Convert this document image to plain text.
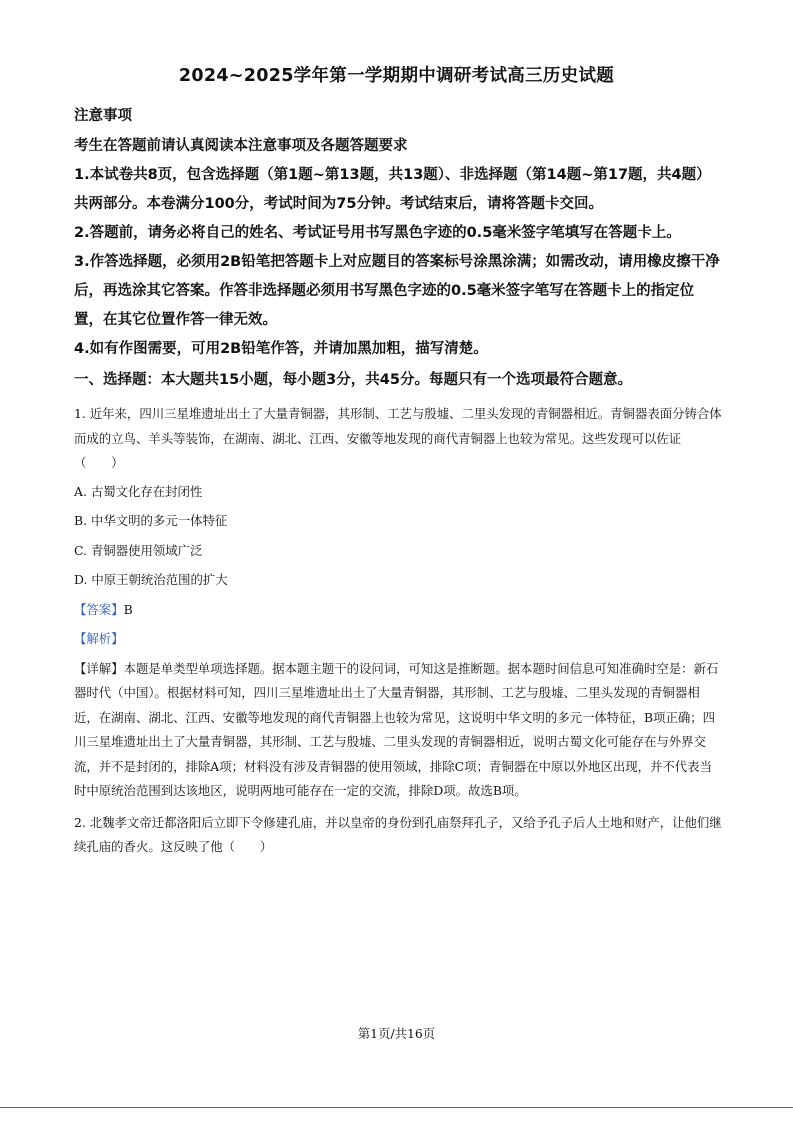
2024~2025学年第一学期期中调研考试高三历史试题

注意事项

考生在答题前请认真阅读本注意事项及各题答题要求

1.本试卷共8页，包含选择题（第1题~第13题，共13题）、非选择题（第14题~第17题，共4题）共两部分。本卷满分100分，考试时间为75分钟。考试结束后，请将答题卡交回。

2.答题前，请务必将自己的姓名、考试证号用书写黑色字迹的0.5毫米签字笔填写在答题卡上。

3.作答选择题，必须用2B铅笔把答题卡上对应题目的答案标号涂黑涂满；如需改动，请用橡皮擦干净后，再选涂其它答案。作答非选择题必须用书写黑色字迹的0.5毫米签字笔写在答题卡上的指定位置，在其它位置作答一律无效。

4.如有作图需要，可用2B铅笔作答，并请加黑加粗，描写清楚。

一、选择题：本大题共15小题，每小题3分，共45分。每题只有一个选项最符合题意。

1. 近年来，四川三星堆遗址出土了大量青铜器，其形制、工艺与殷墟、二里头发现的青铜器相近。青铜器表面分铸合体而成的立鸟、羊头等装饰，在湖南、湖北、江西、安徽等地发现的商代青铜器上也较为常见。这些发现可以佐证（　　）

A. 古蜀文化存在封闭性

B. 中华文明的多元一体特征

C. 青铜器使用领域广泛

D. 中原王朝统治范围的扩大

【答案】B

【解析】

【详解】本题是单类型单项选择题。据本题主题干的设问词，可知这是推断题。据本题时间信息可知准确时空是：新石器时代（中国）。根据材料可知，四川三星堆遗址出土了大量青铜器，其形制、工艺与殷墟、二里头发现的青铜器相近，在湖南、湖北、江西、安徽等地发现的商代青铜器上也较为常见，这说明中华文明的多元一体特征，B项正确；四川三星堆遗址出土了大量青铜器，其形制、工艺与殷墟、二里头发现的青铜器相近，说明古蜀文化可能存在与外界交流，并不是封闭的，排除A项；材料没有涉及青铜器的使用领域，排除C项；青铜器在中原以外地区出现，并不代表当时中原统治范围到达该地区，说明两地可能存在一定的交流，排除D项。故选B项。

2. 北魏孝文帝迁都洛阳后立即下令修建孔庙，并以皇帝的身份到孔庙祭拜孔子，又给予孔子后人土地和财产，让他们继续孔庙的香火。这反映了他（　　）

第1页/共16页
